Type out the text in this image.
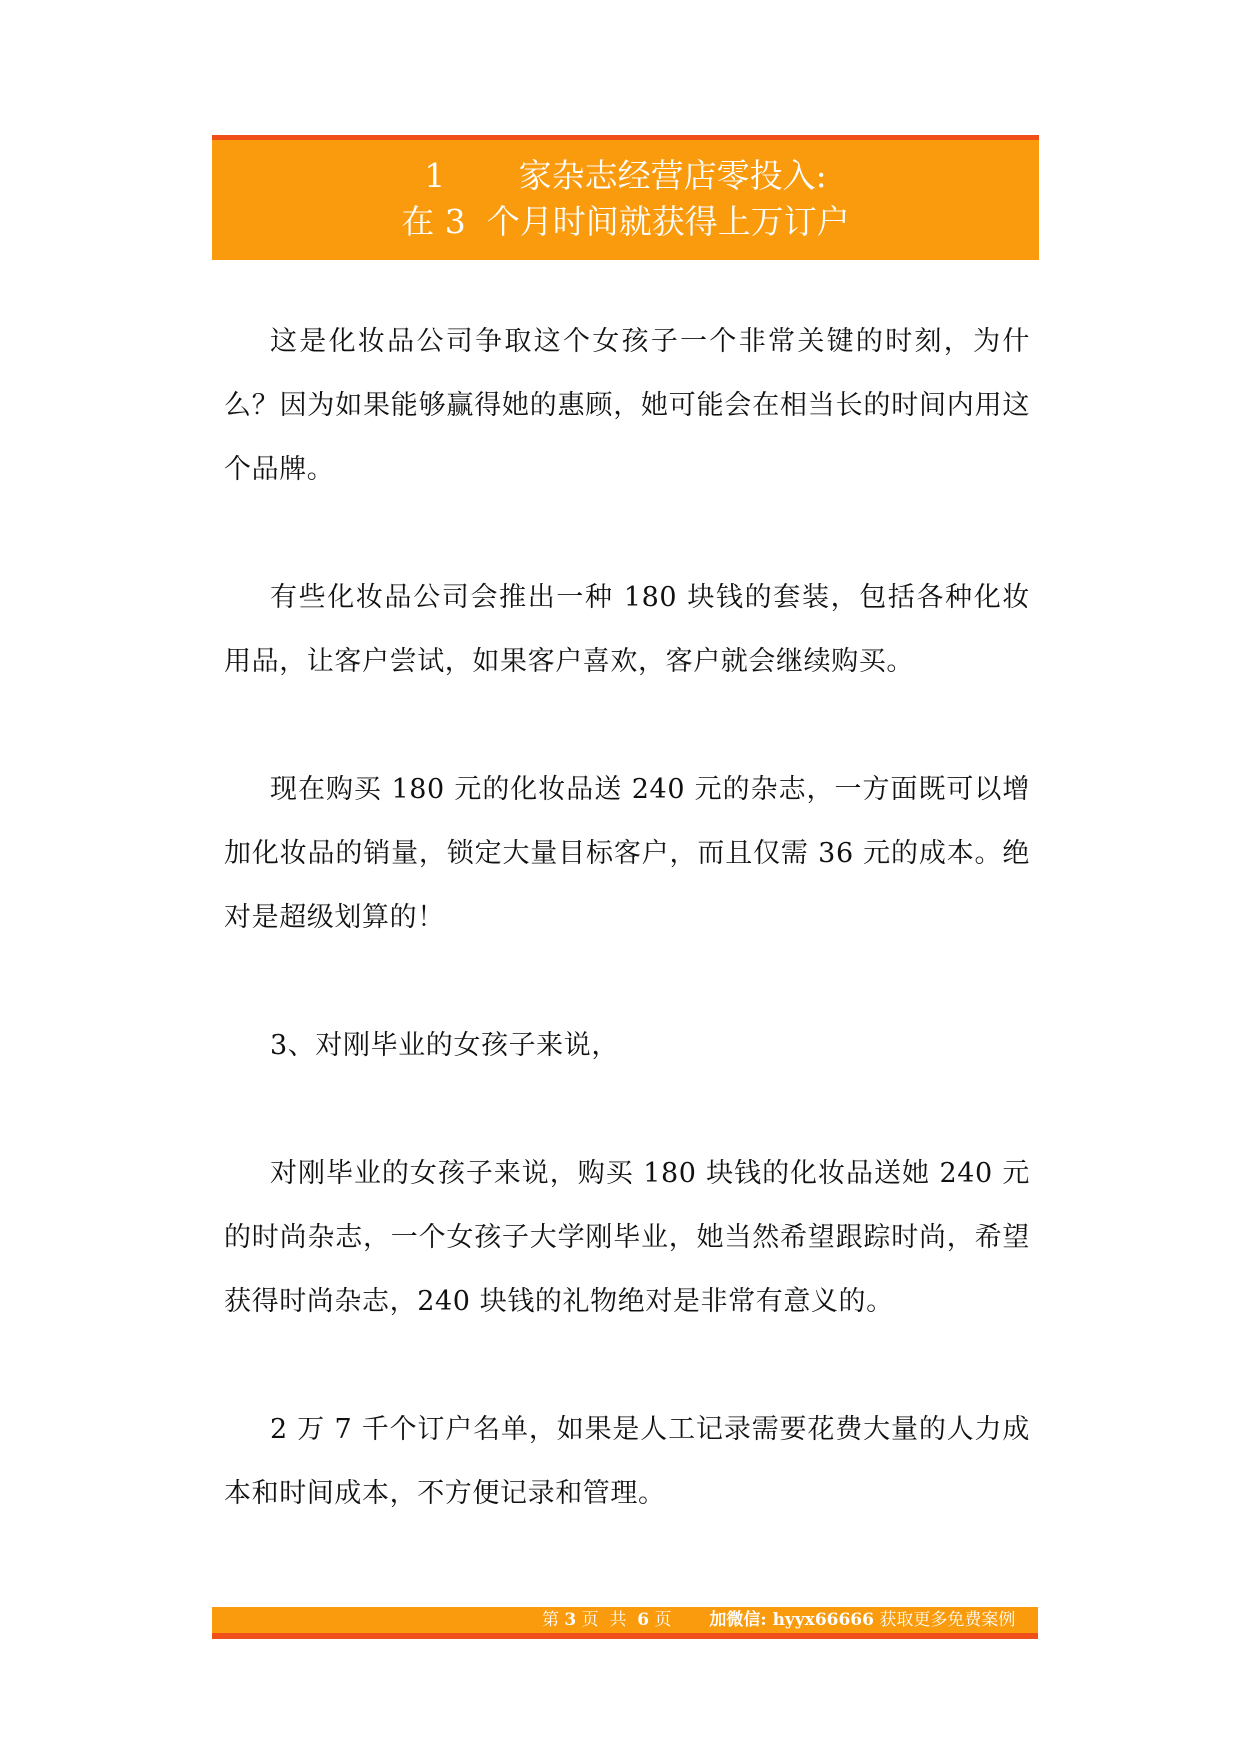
1       家杂志经营店零投入:
在 3  个月时间就获得上万订户

这是化妆品公司争取这个女孩子一个非常关键的时刻，为什么？因为如果能够赢得她的惠顾，她可能会在相当长的时间内用这个品牌。

有些化妆品公司会推出一种 180 块钱的套装，包括各种化妆用品，让客户尝试，如果客户喜欢，客户就会继续购买。

现在购买 180 元的化妆品送 240 元的杂志，一方面既可以增加化妆品的销量，锁定大量目标客户，而且仅需 36 元的成本。绝对是超级划算的！

3、对刚毕业的女孩子来说，

对刚毕业的女孩子来说，购买 180 块钱的化妆品送她 240 元的时尚杂志，一个女孩子大学刚毕业，她当然希望跟踪时尚，希望获得时尚杂志，240 块钱的礼物绝对是非常有意义的。

2 万 7 千个订户名单，如果是人工记录需要花费大量的人力成本和时间成本，不方便记录和管理。

第 3 页  共  6 页 加微信: hyyx66666 获取更多免费案例
